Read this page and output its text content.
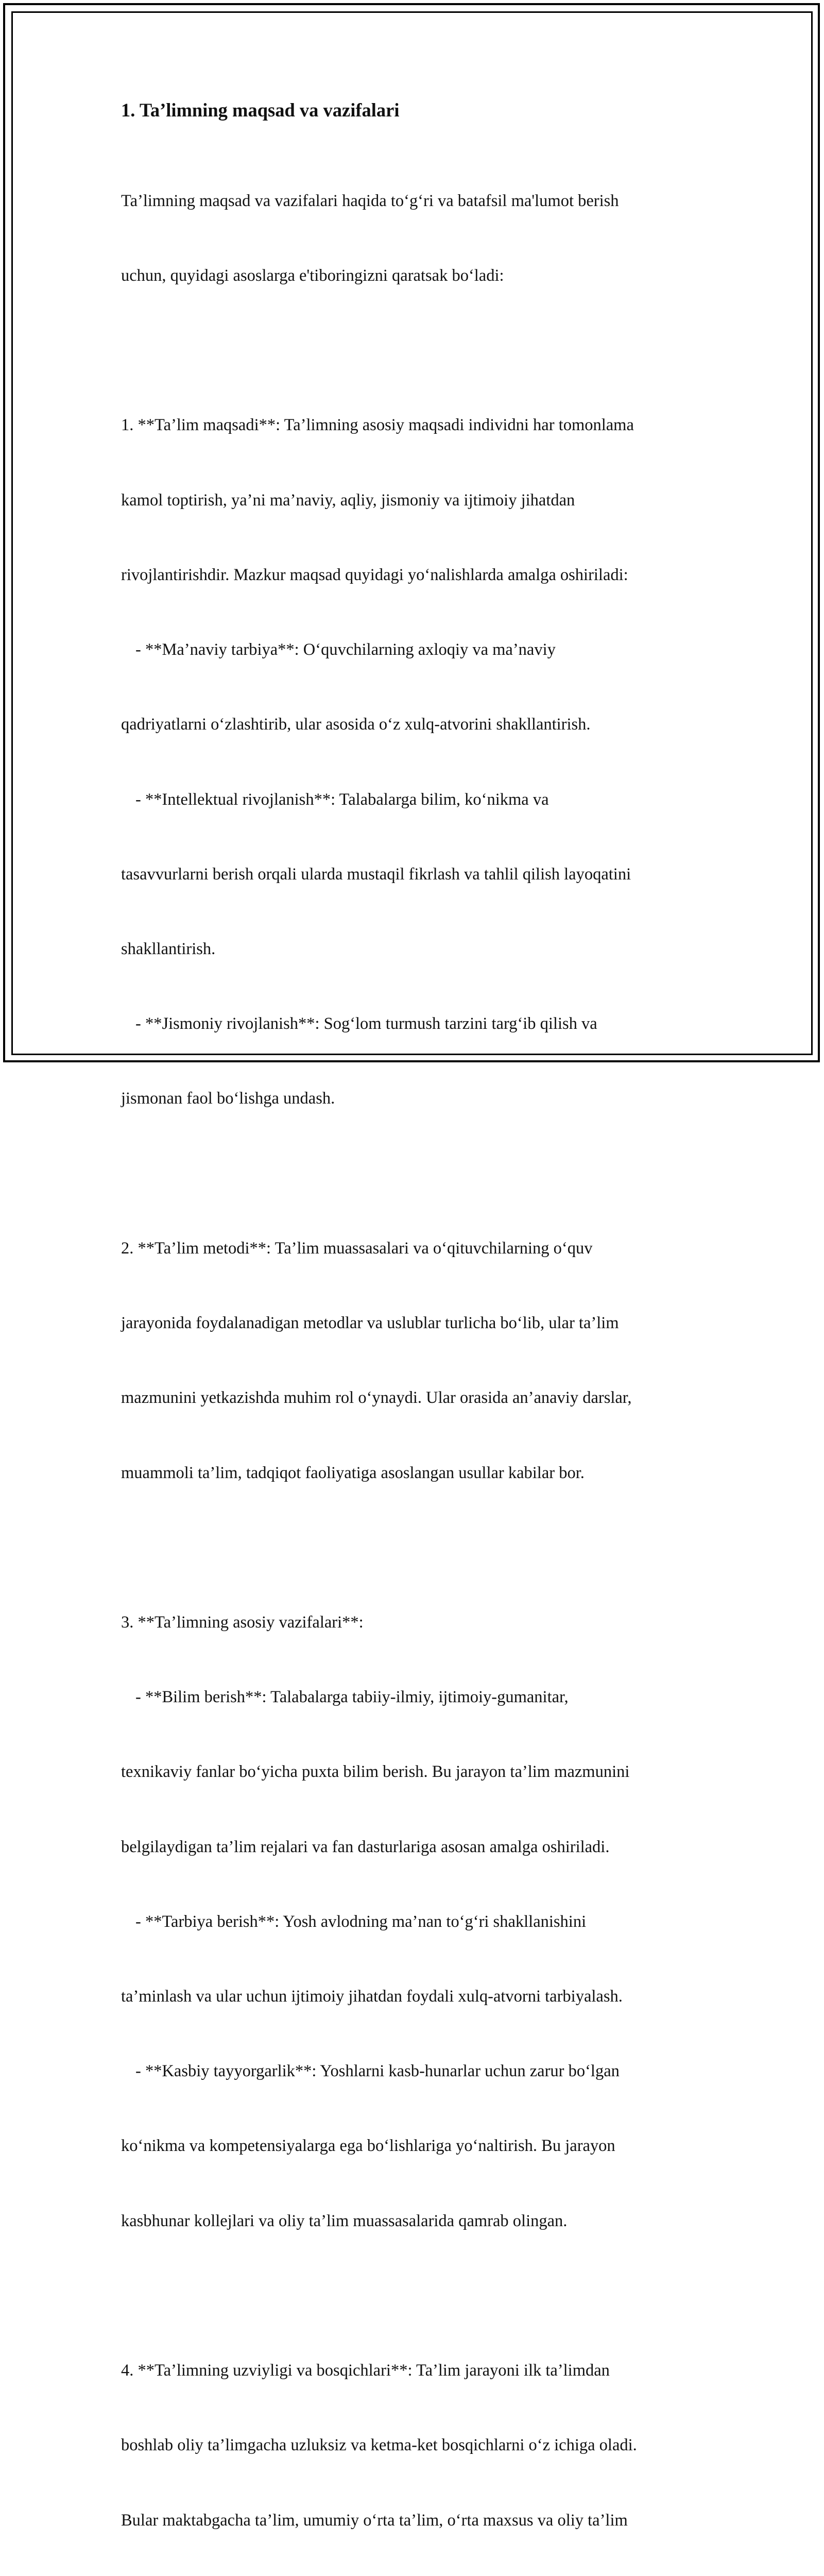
1. Ta’limning maqsad va vazifalari

Ta’limning maqsad va vazifalari haqida to‘g‘ri va batafsil ma'lumot berish

uchun, quyidagi asoslarga e'tiboringizni qaratsak bo‘ladi:

1. **Ta’lim maqsadi**: Ta’limning asosiy maqsadi individni har tomonlama

kamol toptirish, ya’ni ma’naviy, aqliy, jismoniy va ijtimoiy jihatdan

rivojlantirishdir. Mazkur maqsad quyidagi yo‘nalishlarda amalga oshiriladi:

- **Ma’naviy tarbiya**: O‘quvchilarning axloqiy va ma’naviy

qadriyatlarni o‘zlashtirib, ular asosida o‘z xulq-atvorini shakllantirish.

- **Intellektual rivojlanish**: Talabalarga bilim, ko‘nikma va

tasavvurlarni berish orqali ularda mustaqil fikrlash va tahlil qilish layoqatini

shakllantirish.

- **Jismoniy rivojlanish**: Sog‘lom turmush tarzini targ‘ib qilish va

jismonan faol bo‘lishga undash.

2. **Ta’lim metodi**: Ta’lim muassasalari va o‘qituvchilarning o‘quv

jarayonida foydalanadigan metodlar va uslublar turlicha bo‘lib, ular ta’lim

mazmunini yetkazishda muhim rol o‘ynaydi. Ular orasida an’anaviy darslar,

muammoli ta’lim, tadqiqot faoliyatiga asoslangan usullar kabilar bor.

3. **Ta’limning asosiy vazifalari**:

- **Bilim berish**: Talabalarga tabiiy-ilmiy, ijtimoiy-gumanitar,

texnikaviy fanlar bo‘yicha puxta bilim berish. Bu jarayon ta’lim mazmunini

belgilaydigan ta’lim rejalari va fan dasturlariga asosan amalga oshiriladi.

- **Tarbiya berish**: Yosh avlodning ma’nan to‘g‘ri shakllanishini

ta’minlash va ular uchun ijtimoiy jihatdan foydali xulq-atvorni tarbiyalash.

- **Kasbiy tayyorgarlik**: Yoshlarni kasb-hunarlar uchun zarur bo‘lgan

ko‘nikma va kompetensiyalarga ega bo‘lishlariga yo‘naltirish. Bu jarayon

kasbhunar kollejlari va oliy ta’lim muassasalarida qamrab olingan.

4. **Ta’limning uzviyligi va bosqichlari**: Ta’lim jarayoni ilk ta’limdan

boshlab oliy ta’limgacha uzluksiz va ketma-ket bosqichlarni o‘z ichiga oladi.

Bular maktabgacha ta’lim, umumiy o‘rta ta’lim, o‘rta maxsus va oliy ta’lim
